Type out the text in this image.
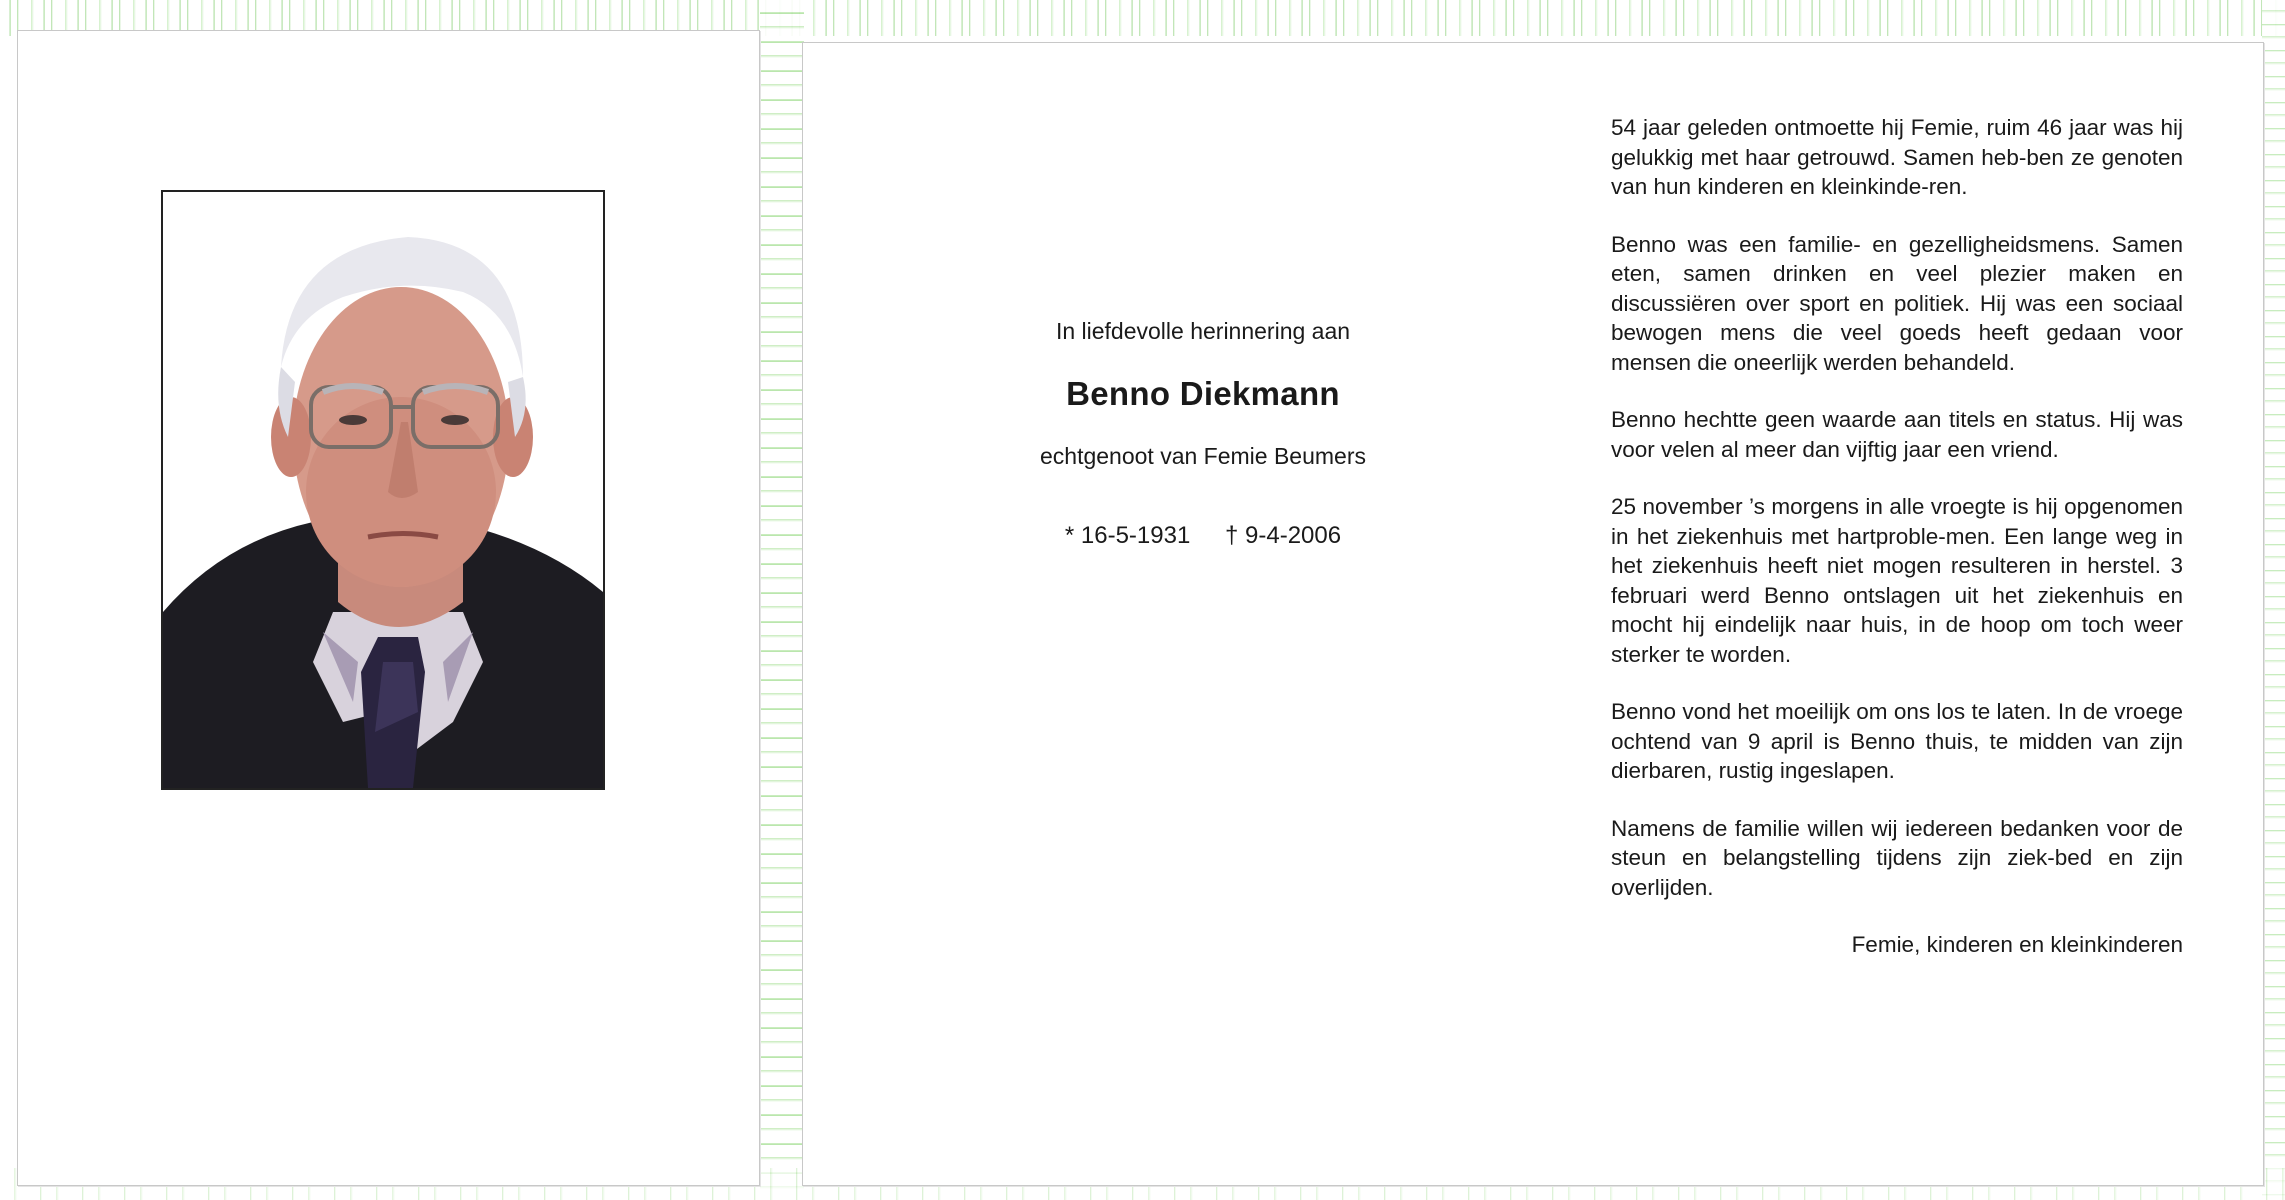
In liefdevolle herinnering aan
Benno Diekmann
echtgenoot van Femie Beumers
* 16-5-1931 † 9-4-2006

54 jaar geleden ontmoette hij Femie, ruim 46 jaar was hij gelukkig met haar getrouwd. Samen heb-ben ze genoten van hun kinderen en kleinkinde-ren.

Benno was een familie- en gezelligheidsmens. Samen eten, samen drinken en veel plezier maken en discussiëren over sport en politiek. Hij was een sociaal bewogen mens die veel goeds heeft gedaan voor mensen die oneerlijk werden behandeld.

Benno hechtte geen waarde aan titels en status. Hij was voor velen al meer dan vijftig jaar een vriend.

25 november ’s morgens in alle vroegte is hij opgenomen in het ziekenhuis met hartproble-men. Een lange weg in het ziekenhuis heeft niet mogen resulteren in herstel. 3 februari werd Benno ontslagen uit het ziekenhuis en mocht hij eindelijk naar huis, in de hoop om toch weer sterker te worden.

Benno vond het moeilijk om ons los te laten. In de vroege ochtend van 9 april is Benno thuis, te midden van zijn dierbaren, rustig ingeslapen.

Namens de familie willen wij iedereen bedanken voor de steun en belangstelling tijdens zijn ziek-bed en zijn overlijden.

Femie, kinderen en kleinkinderen
